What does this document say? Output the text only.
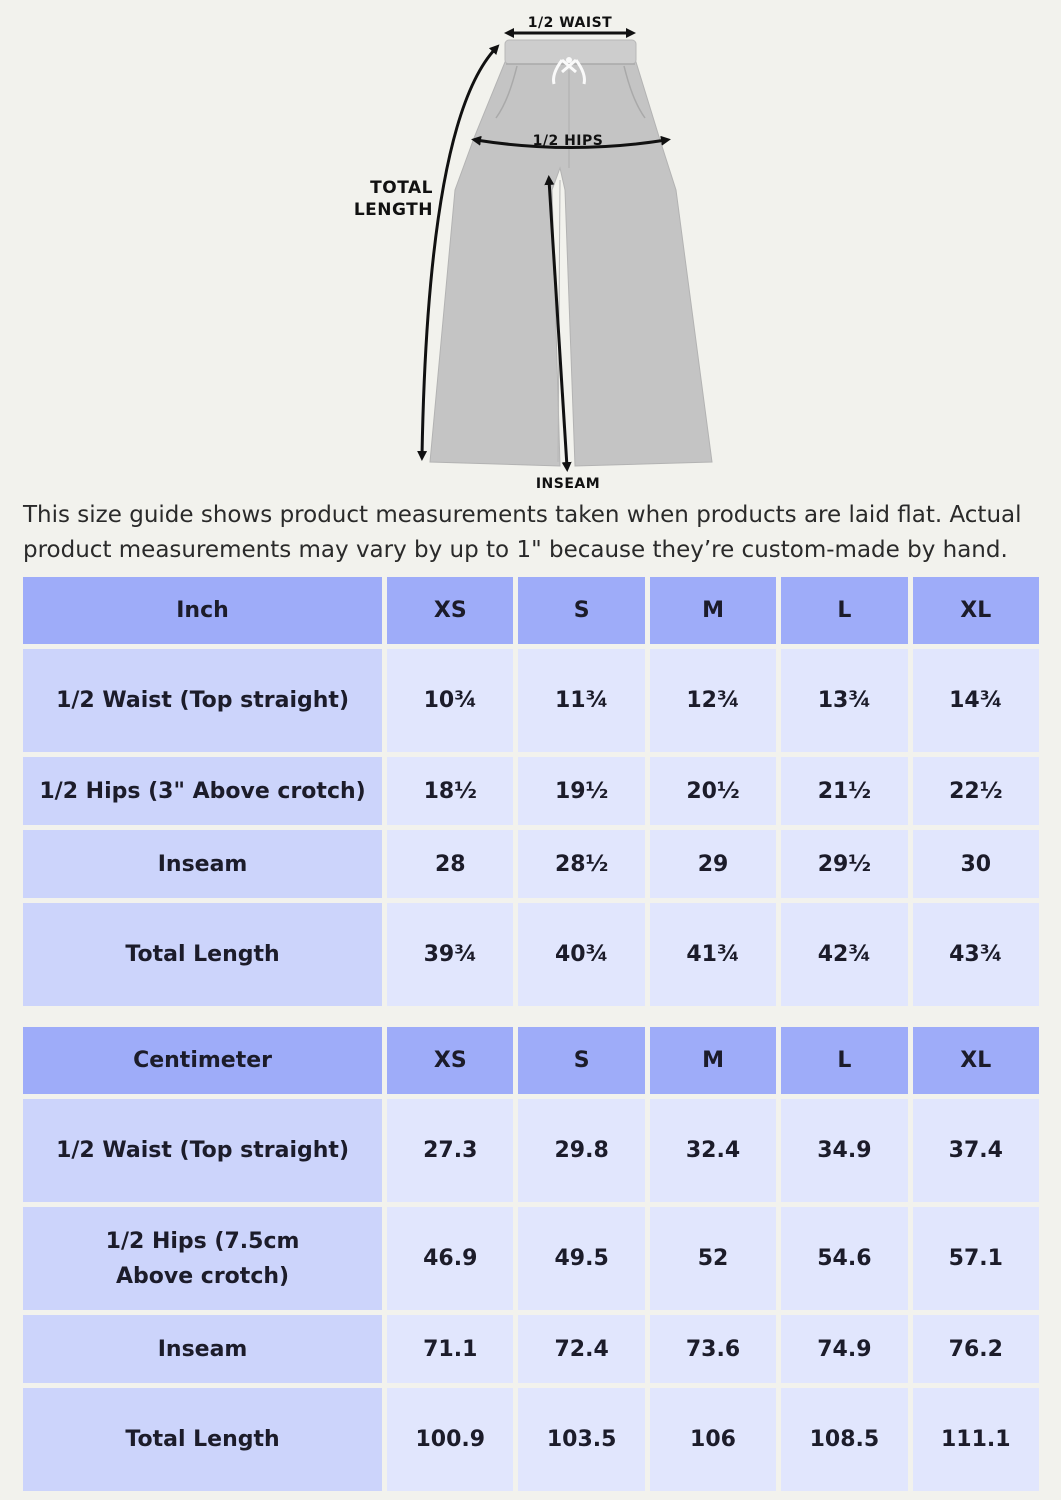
1/2 WAIST
1/2 HIPS
TOTAL
LENGTH
INSEAM

This size guide shows product measurements taken when products are laid flat. Actual product measurements may vary by up to 1" because they’re custom-made by hand.

Inch	XS	S	M	L	XL
1/2 Waist (Top straight)	10¾	11¾	12¾	13¾	14¾
1/2 Hips (3" Above crotch)	18½	19½	20½	21½	22½
Inseam	28	28½	29	29½	30
Total Length	39¾	40¾	41¾	42¾	43¾
Centimeter	XS	S	M	L	XL
1/2 Waist (Top straight)	27.3	29.8	32.4	34.9	37.4

1/2 Hips (7.5cm Above crotch)	46.9	49.5	52	54.6	57.1
Inseam	71.1	72.4	73.6	74.9	76.2
Total Length	100.9	103.5	106	108.5	111.1
